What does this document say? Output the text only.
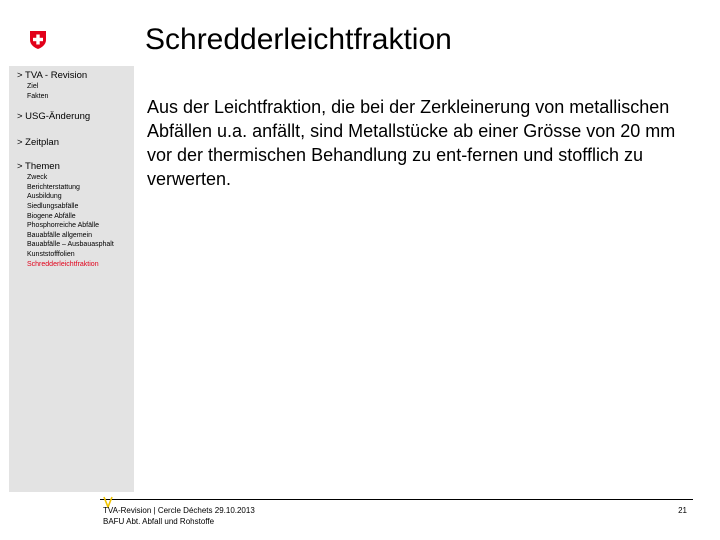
Schredderleichtfraktion
> TVA - Revision
Ziel
Fakten
> USG-Änderung
> Zeitplan
> Themen
Zweck
Berichterstattung
Ausbildung
Siedlungsabfälle
Biogene Abfälle
Phosphorreiche Abfälle
Bauabfälle allgemein
Bauabfälle – Ausbauasphalt
Kunststofffolien
Schredderleichtfraktion
Aus der Leichtfraktion, die bei der Zerkleinerung von metallischen Abfällen u.a. anfällt, sind Metallstücke ab einer Grösse von 20 mm vor der thermischen Behandlung zu ent-fernen und stofflich zu verwerten.
TVA-Revision | Cercle Déchets 29.10.2013
BAFU Abt. Abfall und Rohstoffe
21
